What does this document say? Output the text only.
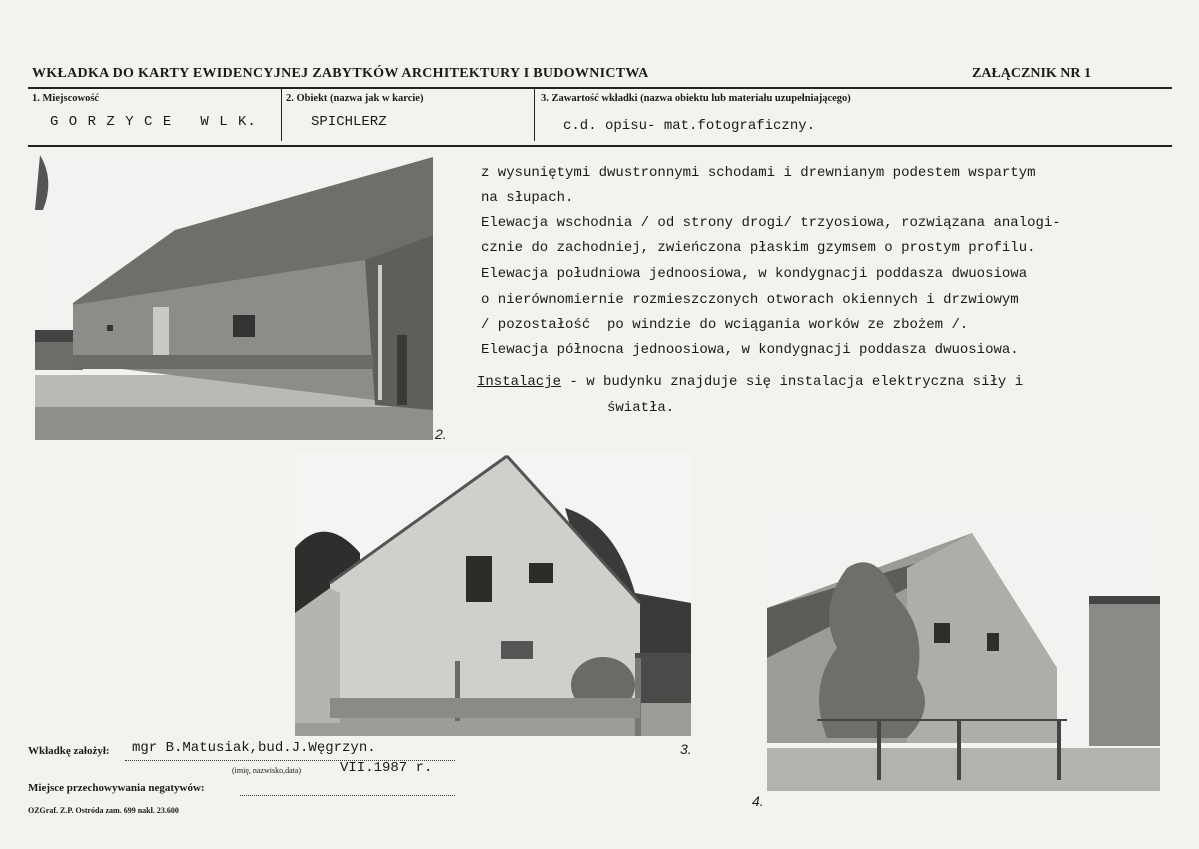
WKŁADKA DO KARTY EWIDENCYJNEJ ZABYTKÓW ARCHITEKTURY I BUDOWNICTWA	ZAŁĄCZNIK NR 1
1. Miejscowość
G O R Z Y C E   W L K.
2. Obiekt (nazwa jak w karcie)
SPICHLERZ
3. Zawartość wkładki (nazwa obiektu lub materiału uzupełniającego)
c.d. opisu- mat.fotograficzny.
z wysuniętymi dwustronnymi schodami i drewnianym podestem wspartym
na słupach.
Elewacja wschodnia / od strony drogi/ trzyosiowa, rozwiązana analogi-
cznie do zachodniej, zwieńczona płaskim gzymsem o prostym profilu.
Elewacja południowa jednoosiowa, w kondygnacji poddasza dwuosiowa
o nierównomiernie rozmieszczonych otworach okiennych i drzwiowym
/ pozostałość  po windzie do wciągania worków ze zbożem /.
Elewacja północna jednoosiowa, w kondygnacji poddasza dwuosiowa.
Instalacje - w budynku znajduje się instalacja elektryczna siły i
światła.
2.
3.
4.
Wkładkę założył: mgr B.Matusiak,bud.J.Węgrzyn.
(imię, nazwisko,data)	VII.1987 r.
Miejsce przechowywania negatywów:
OZGraf. Z.P. Ostróda zam. 699 nakł. 23.600
